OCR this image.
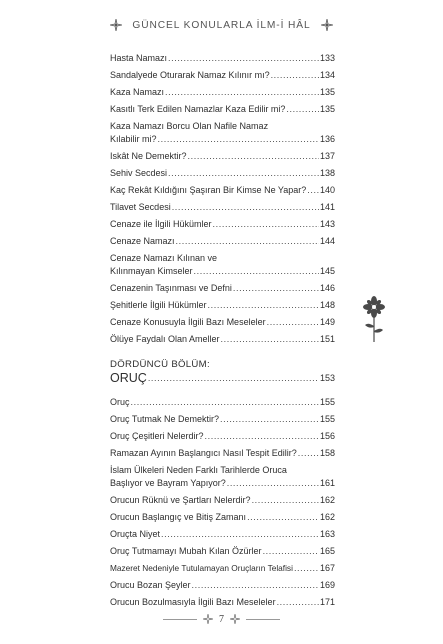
GÜNCEL KONULARLA İLM-İ HÂL
Hasta Namazı .....	133
Sandalyede Oturarak Namaz Kılınır mı? .....	134
Kaza Namazı .....	135
Kasıtlı Terk Edilen Namazlar Kaza Edilir mi? .....	135
Kaza Namazı Borcu Olan Nafile Namaz
Kılabilir mi? .....	136
Iskât Ne Demektir? .....	137
Sehiv Secdesi .....	138
Kaç Rekât Kıldığını Şaşıran Bir Kimse Ne Yapar? ..... 140
Tilavet Secdesi .....	141
Cenaze ile İlgili Hükümler .....	143
Cenaze Namazı .....	144
Cenaze Namazı Kılınan ve
Kılınmayan Kimseler .....	145
Cenazenin Taşınması ve Defni .....	146
Şehitlerle İlgili Hükümler .....	148
Cenaze Konusuyla İlgili Bazı Meseleler .....	149
Ölüye Faydalı Olan Ameller .....	151
DÖRDÜNCÜ BÖLÜM:
ORUÇ .....	153
Oruç .....	155
Oruç Tutmak Ne Demektir? .....	155
Oruç Çeşitleri Nelerdir? .....	156
Ramazan Ayının Başlangıcı Nasıl Tespit Edilir? .....	158
İslam Ülkeleri Neden Farklı Tarihlerde Oruca
Başlıyor ve Bayram Yapıyor? .....	161
Orucun Rüknü ve Şartları Nelerdir? .....	162
Orucun Başlangıç ve Bitiş Zamanı .....	162
Oruçta Niyet .....	163
Oruç Tutmamayı Mubah Kılan Özürler .....	165
Mazeret Nedeniyle Tutulamayan Oruçların Telafisi .....	167
Orucu Bozan Şeyler .....	169
Orucun Bozulmasıyla İlgili Bazı Meseleler .....	171
7
